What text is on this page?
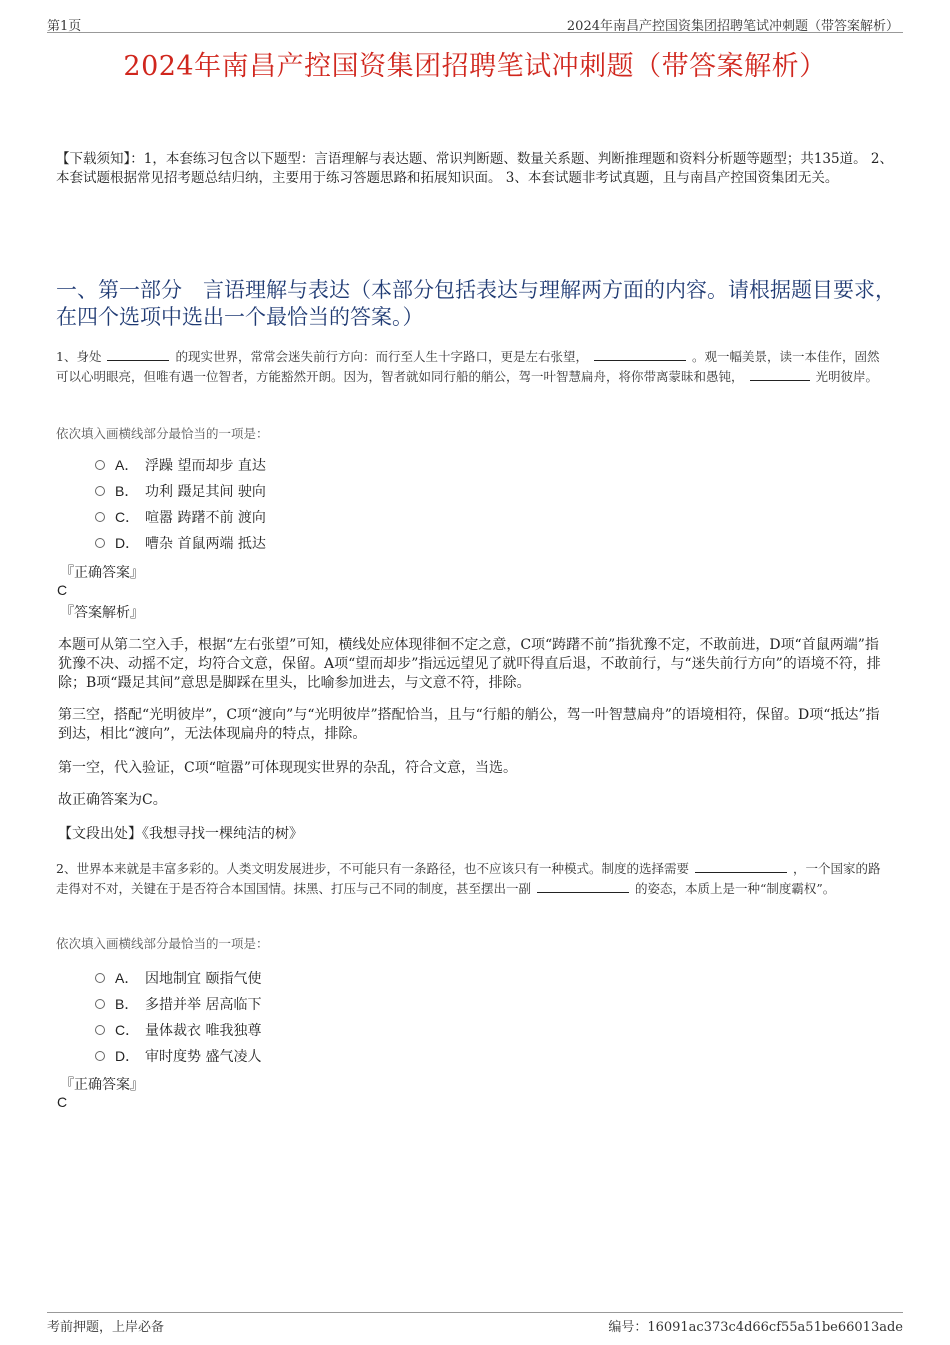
第1页	2024年南昌产控国资集团招聘笔试冲刺题（带答案解析）
2024年南昌产控国资集团招聘笔试冲刺题（带答案解析）
【下载须知】：1，本套练习包含以下题型：言语理解与表达题、常识判断题、数量关系题、判断推理题和资料分析题等题型；共135道。 2、本套试题根据常见招考题总结归纳，主要用于练习答题思路和拓展知识面。 3、本套试题非考试真题，且与南昌产控国资集团无关。
一、第一部分　言语理解与表达（本部分包括表达与理解两方面的内容。请根据题目要求，在四个选项中选出一个最恰当的答案。）
1、身处	的现实世界，常常会迷失前行方向：而行至人生十字路口，更是左右张望，	。观一幅美景，读一本佳作，固然可以心明眼亮，但唯有遇一位智者，方能豁然开朗。因为，智者就如同行船的艄公，驾一叶智慧扁舟，将你带离蒙昧和愚钝，	光明彼岸。
依次填入画横线部分最恰当的一项是：
A． 浮躁 望而却步 直达
B． 功利 蹑足其间 驶向
C． 喧嚣 踌躇不前 渡向
D． 嘈杂 首鼠两端 抵达
『正确答案』
C
『答案解析』
本题可从第二空入手，根据“左右张望”可知，横线处应体现徘徊不定之意，C项“踌躇不前”指犹豫不定，不敢前进，D项“首鼠两端”指犹豫不决、动摇不定，均符合文意，保留。A项“望而却步”指远远望见了就吓得直后退，不敢前行，与“迷失前行方向”的语境不符，排除；B项“蹑足其间”意思是脚踩在里头，比喻参加进去，与文意不符，排除。
第三空，搭配“光明彼岸”，C项“渡向”与“光明彼岸”搭配恰当，且与“行船的艄公，驾一叶智慧扁舟”的语境相符，保留。D项“抵达”指到达，相比“渡向”，无法体现扁舟的特点，排除。
第一空，代入验证，C项“喧嚣”可体现现实世界的杂乱，符合文意，当选。
故正确答案为C。
【文段出处】《我想寻找一棵纯洁的树》
2、世界本来就是丰富多彩的。人类文明发展进步，不可能只有一条路径，也不应该只有一种模式。制度的选择需要	，一个国家的路走得对不对，关键在于是否符合本国国情。抹黑、打压与己不同的制度，甚至摆出一副	的姿态，本质上是一种“制度霸权”。
依次填入画横线部分最恰当的一项是：
A． 因地制宜 颐指气使
B． 多措并举 居高临下
C． 量体裁衣 唯我独尊
D． 审时度势 盛气凌人
『正确答案』
C
考前押题，上岸必备	编号：16091ac373c4d66cf55a51be66013ade
